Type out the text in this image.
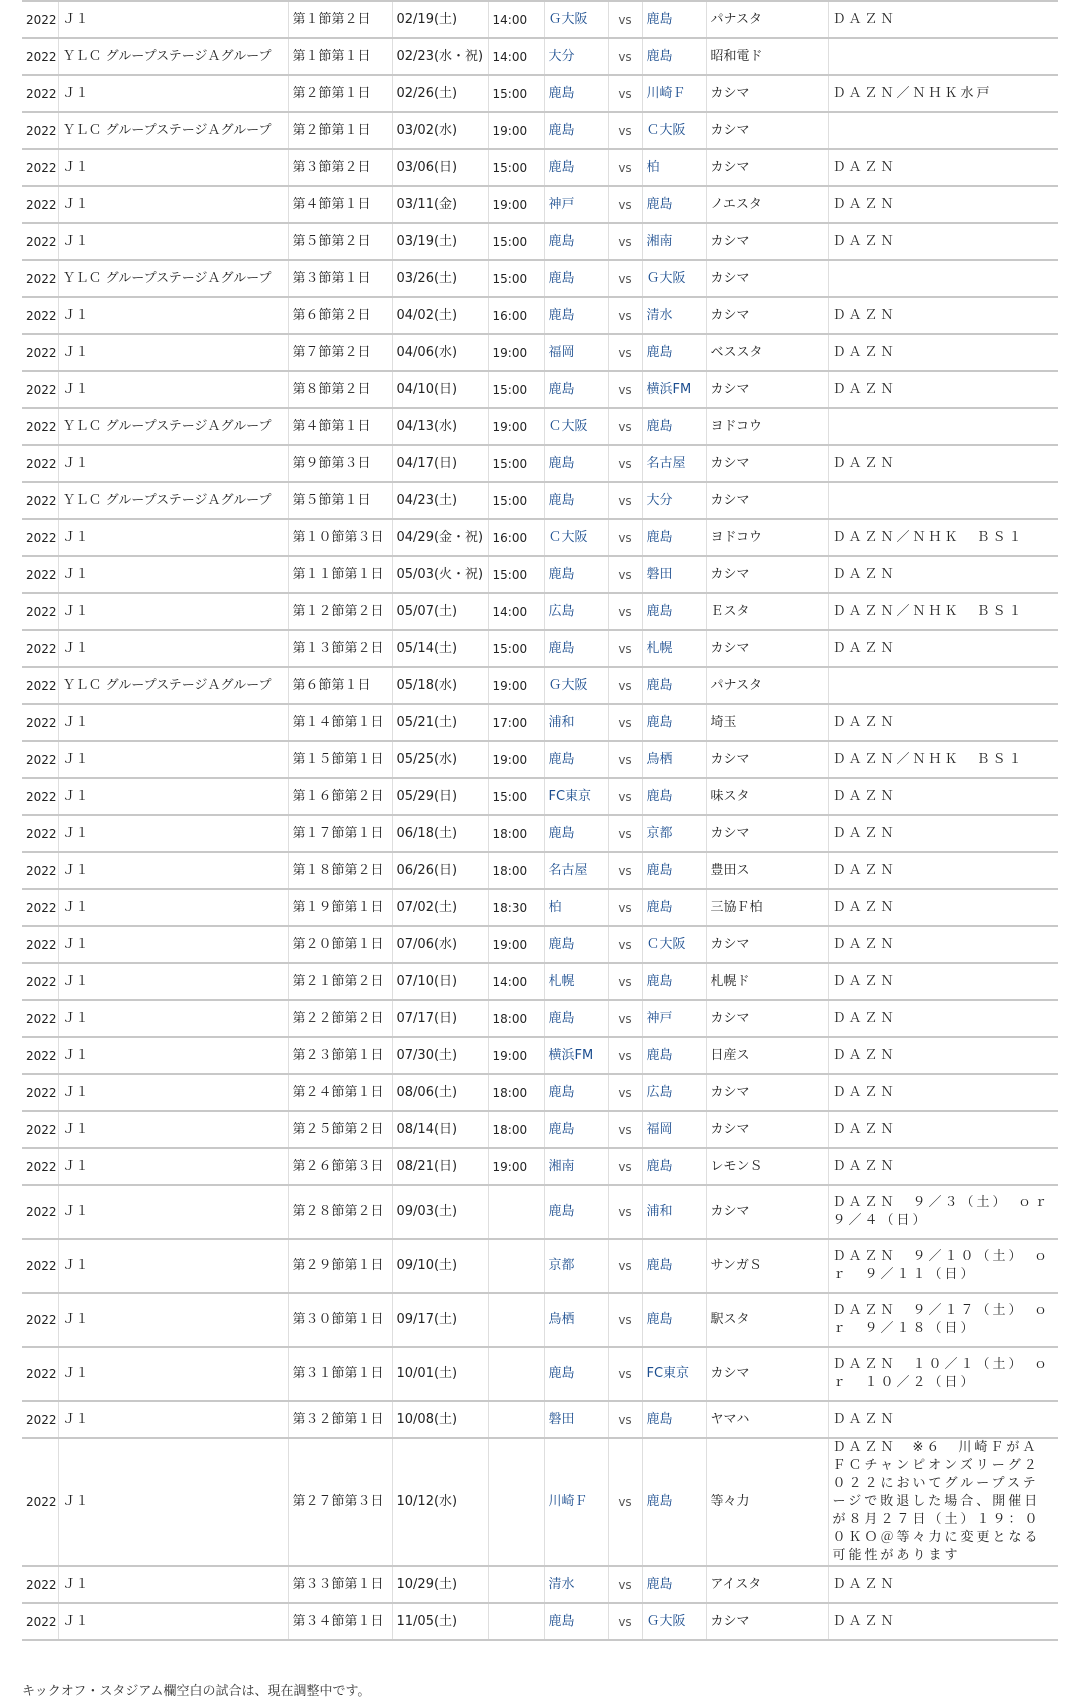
2022	Ｊ１	第１節第２日	02/19(土)	14:00	Ｇ大阪	vs	鹿島	パナスタ	ＤＡＺＮ
2022	ＹＬＣ グループステージＡグループ	第１節第１日	02/23(水・祝)	14:00	大分	vs	鹿島	昭和電ド	
2022	Ｊ１	第２節第１日	02/26(土)	15:00	鹿島	vs	川崎Ｆ	カシマ	ＤＡＺＮ／ＮＨＫ水戸
2022	ＹＬＣ グループステージＡグループ	第２節第１日	03/02(水)	19:00	鹿島	vs	Ｃ大阪	カシマ	
2022	Ｊ１	第３節第２日	03/06(日)	15:00	鹿島	vs	柏	カシマ	ＤＡＺＮ
2022	Ｊ１	第４節第１日	03/11(金)	19:00	神戸	vs	鹿島	ノエスタ	ＤＡＺＮ
2022	Ｊ１	第５節第２日	03/19(土)	15:00	鹿島	vs	湘南	カシマ	ＤＡＺＮ
2022	ＹＬＣ グループステージＡグループ	第３節第１日	03/26(土)	15:00	鹿島	vs	Ｇ大阪	カシマ	
2022	Ｊ１	第６節第２日	04/02(土)	16:00	鹿島	vs	清水	カシマ	ＤＡＺＮ
2022	Ｊ１	第７節第２日	04/06(水)	19:00	福岡	vs	鹿島	ベススタ	ＤＡＺＮ
2022	Ｊ１	第８節第２日	04/10(日)	15:00	鹿島	vs	横浜FM	カシマ	ＤＡＺＮ
2022	ＹＬＣ グループステージＡグループ	第４節第１日	04/13(水)	19:00	Ｃ大阪	vs	鹿島	ヨドコウ	
2022	Ｊ１	第９節第３日	04/17(日)	15:00	鹿島	vs	名古屋	カシマ	ＤＡＺＮ
2022	ＹＬＣ グループステージＡグループ	第５節第１日	04/23(土)	15:00	鹿島	vs	大分	カシマ	
2022	Ｊ１	第１０節第３日	04/29(金・祝)	16:00	Ｃ大阪	vs	鹿島	ヨドコウ	ＤＡＺＮ／ＮＨＫ　ＢＳ１
2022	Ｊ１	第１１節第１日	05/03(火・祝)	15:00	鹿島	vs	磐田	カシマ	ＤＡＺＮ
2022	Ｊ１	第１２節第２日	05/07(土)	14:00	広島	vs	鹿島	Ｅスタ	ＤＡＺＮ／ＮＨＫ　ＢＳ１
2022	Ｊ１	第１３節第２日	05/14(土)	15:00	鹿島	vs	札幌	カシマ	ＤＡＺＮ
2022	ＹＬＣ グループステージＡグループ	第６節第１日	05/18(水)	19:00	Ｇ大阪	vs	鹿島	パナスタ	
2022	Ｊ１	第１４節第１日	05/21(土)	17:00	浦和	vs	鹿島	埼玉	ＤＡＺＮ
2022	Ｊ１	第１５節第１日	05/25(水)	19:00	鹿島	vs	鳥栖	カシマ	ＤＡＺＮ／ＮＨＫ　ＢＳ１
2022	Ｊ１	第１６節第２日	05/29(日)	15:00	FC東京	vs	鹿島	味スタ	ＤＡＺＮ
2022	Ｊ１	第１７節第１日	06/18(土)	18:00	鹿島	vs	京都	カシマ	ＤＡＺＮ
2022	Ｊ１	第１８節第２日	06/26(日)	18:00	名古屋	vs	鹿島	豊田ス	ＤＡＺＮ
2022	Ｊ１	第１９節第１日	07/02(土)	18:30	柏	vs	鹿島	三協Ｆ柏	ＤＡＺＮ
2022	Ｊ１	第２０節第１日	07/06(水)	19:00	鹿島	vs	Ｃ大阪	カシマ	ＤＡＺＮ
2022	Ｊ１	第２１節第２日	07/10(日)	14:00	札幌	vs	鹿島	札幌ド	ＤＡＺＮ
2022	Ｊ１	第２２節第２日	07/17(日)	18:00	鹿島	vs	神戸	カシマ	ＤＡＺＮ
2022	Ｊ１	第２３節第１日	07/30(土)	19:00	横浜FM	vs	鹿島	日産ス	ＤＡＺＮ
2022	Ｊ１	第２４節第１日	08/06(土)	18:00	鹿島	vs	広島	カシマ	ＤＡＺＮ
2022	Ｊ１	第２５節第２日	08/14(日)	18:00	鹿島	vs	福岡	カシマ	ＤＡＺＮ
2022	Ｊ１	第２６節第３日	08/21(日)	19:00	湘南	vs	鹿島	レモンＳ	ＤＡＺＮ
2022	Ｊ１	第２８節第２日	09/03(土)		鹿島	vs	浦和	カシマ	ＤＡＺＮ　９／３（土）　ｏｒ　９／４（日）
2022	Ｊ１	第２９節第１日	09/10(土)		京都	vs	鹿島	サンガＳ	ＤＡＺＮ　９／１０（土）　ｏｒ　９／１１（日）
2022	Ｊ１	第３０節第１日	09/17(土)		鳥栖	vs	鹿島	駅スタ	ＤＡＺＮ　９／１７（土）　ｏｒ　９／１８（日）
2022	Ｊ１	第３１節第１日	10/01(土)		鹿島	vs	FC東京	カシマ	ＤＡＺＮ　１０／１（土）　ｏｒ　１０／２（日）
2022	Ｊ１	第３２節第１日	10/08(土)		磐田	vs	鹿島	ヤマハ	ＤＡＺＮ
2022	Ｊ１	第２７節第３日	10/12(水)		川崎Ｆ	vs	鹿島	等々力	ＤＡＺＮ　※６　川崎ＦがＡＦＣチャンピオンズリーグ２０２２においてグループステージで敗退した場合、開催日が８月２７日（土）１９：００ＫＯ＠等々力に変更となる可能性があります
2022	Ｊ１	第３３節第１日	10/29(土)		清水	vs	鹿島	アイスタ	ＤＡＺＮ
2022	Ｊ１	第３４節第１日	11/05(土)		鹿島	vs	Ｇ大阪	カシマ	ＤＡＺＮ
キックオフ・スタジアム欄空白の試合は、現在調整中です。
